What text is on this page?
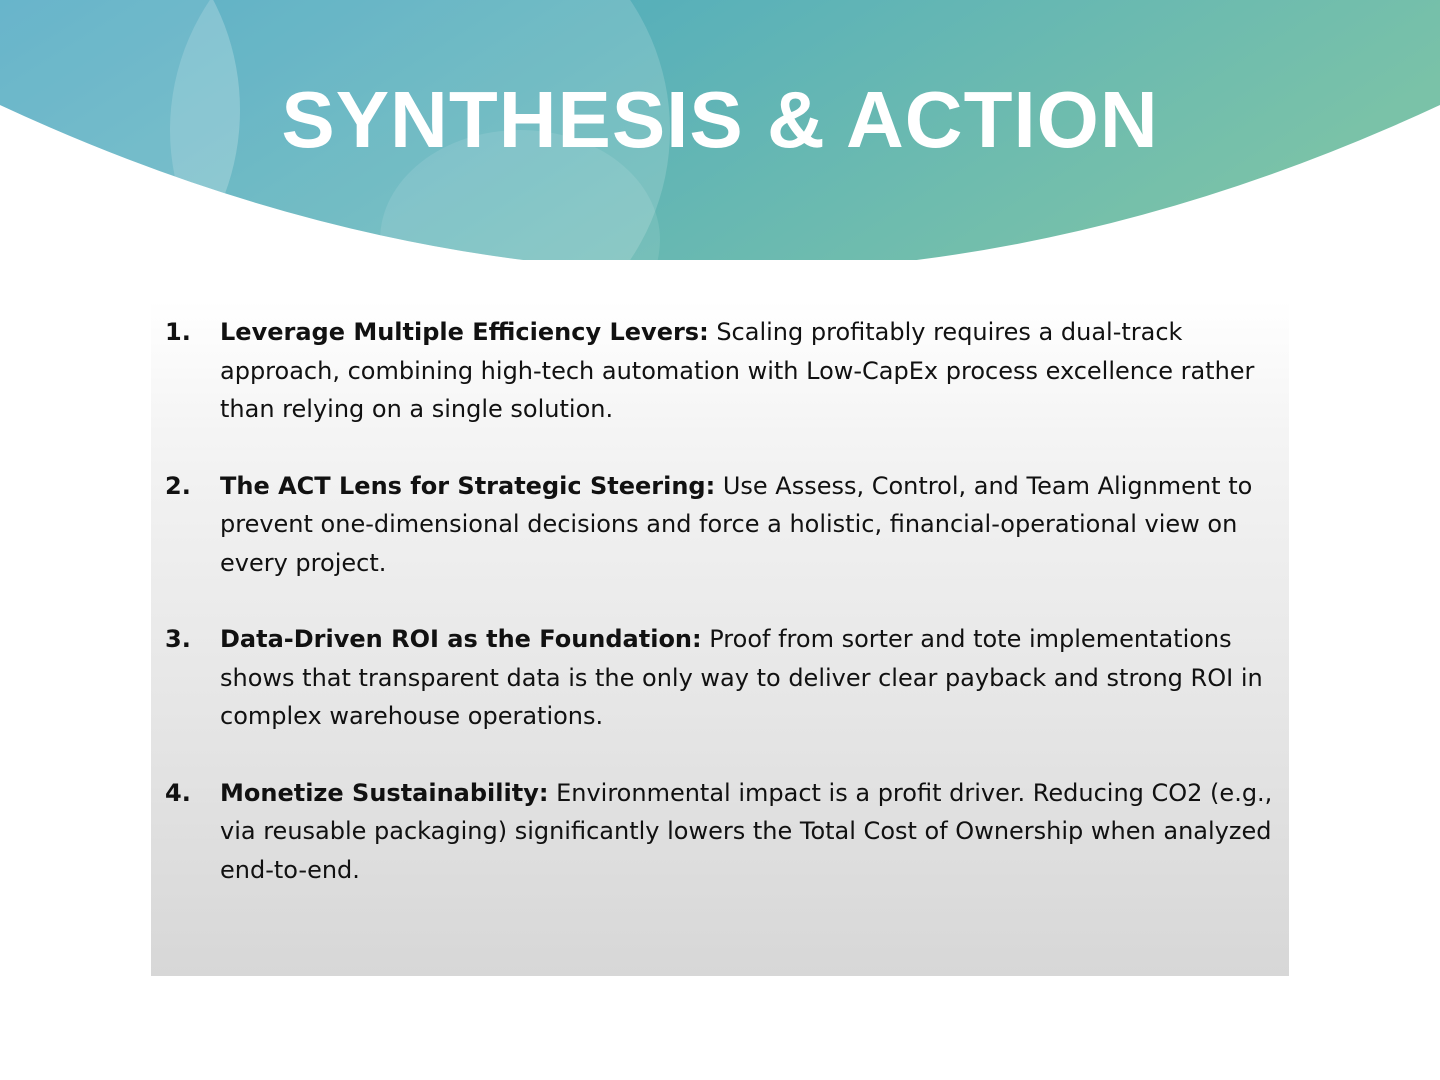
SYNTHESIS & ACTION
1. Leverage Multiple Efficiency Levers: Scaling profitably requires a dual-track approach, combining high-tech automation with Low-CapEx process excellence rather than relying on a single solution.
2. The ACT Lens for Strategic Steering: Use Assess, Control, and Team Alignment to prevent one-dimensional decisions and force a holistic, financial-operational view on every project.
3. Data-Driven ROI as the Foundation: Proof from sorter and tote implementations shows that transparent data is the only way to deliver clear payback and strong ROI in complex warehouse operations.
4. Monetize Sustainability: Environmental impact is a profit driver. Reducing CO2 (e.g., via reusable packaging) significantly lowers the Total Cost of Ownership when analyzed end-to-end.
